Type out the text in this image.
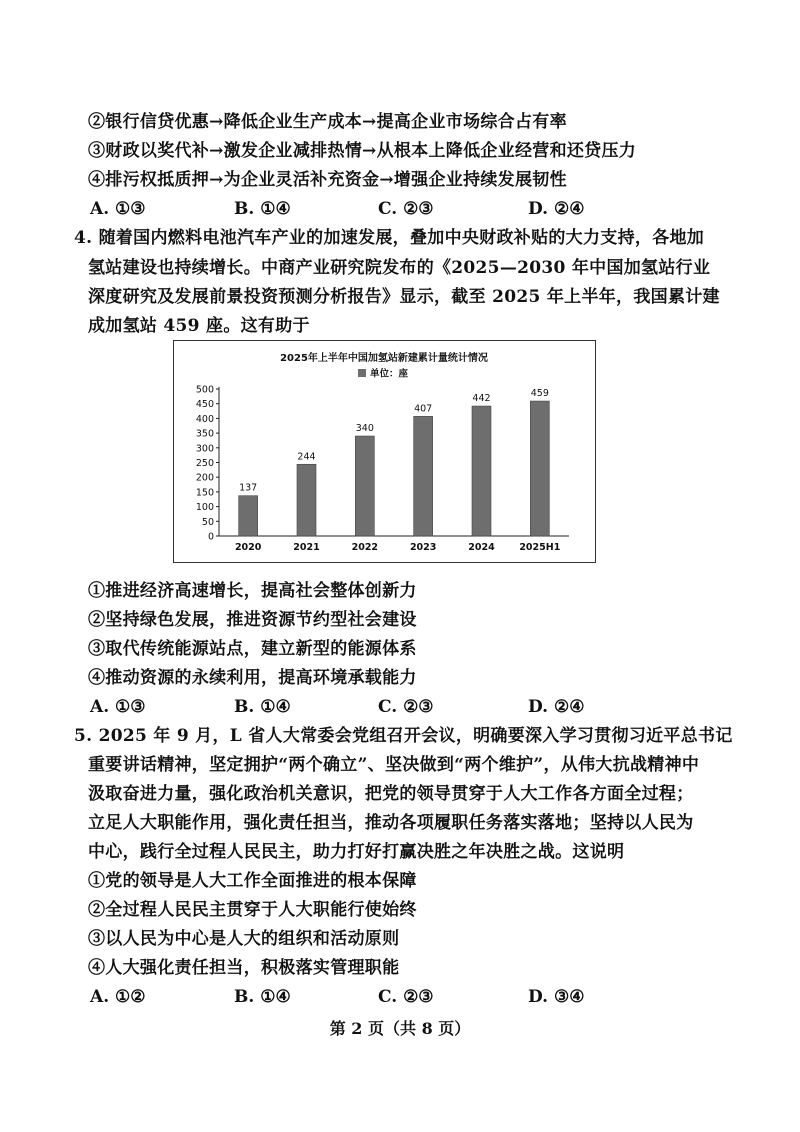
②银行信贷优惠→降低企业生产成本→提高企业市场综合占有率
③财政以奖代补→激发企业减排热情→从根本上降低企业经营和还贷压力
④排污权抵质押→为企业灵活补充资金→增强企业持续发展韧性
A. ①③	B. ①④	C. ②③	D. ②④
4. 随着国内燃料电池汽车产业的加速发展，叠加中央财政补贴的大力支持，各地加
氢站建设也持续增长。中商产业研究院发布的《2025—2030 年中国加氢站行业
深度研究及发展前景投资预测分析报告》显示，截至 2025 年上半年，我国累计建
成加氢站 459 座。这有助于
2025年上半年中国加氢站新建累计量统计情况
单位：座
0
50
100
150
200
250
300
350
400
450
500
137
2020
244
2021
340
2022
407
2023
442
2024
459
2025H1
①推进经济高速增长，提高社会整体创新力
②坚持绿色发展，推进资源节约型社会建设
③取代传统能源站点，建立新型的能源体系
④推动资源的永续利用，提高环境承载能力
A. ①③	B. ①④	C. ②③	D. ②④
5. 2025 年 9 月，L 省人大常委会党组召开会议，明确要深入学习贯彻习近平总书记
重要讲话精神，坚定拥护“两个确立”、坚决做到“两个维护”，从伟大抗战精神中
汲取奋进力量，强化政治机关意识，把党的领导贯穿于人大工作各方面全过程；
立足人大职能作用，强化责任担当，推动各项履职任务落实落地；坚持以人民为
中心，践行全过程人民民主，助力打好打赢决胜之年决胜之战。这说明
①党的领导是人大工作全面推进的根本保障
②全过程人民民主贯穿于人大职能行使始终
③以人民为中心是人大的组织和活动原则
④人大强化责任担当，积极落实管理职能
A. ①②	B. ①④	C. ②③	D. ③④
第 2 页（共 8 页）
